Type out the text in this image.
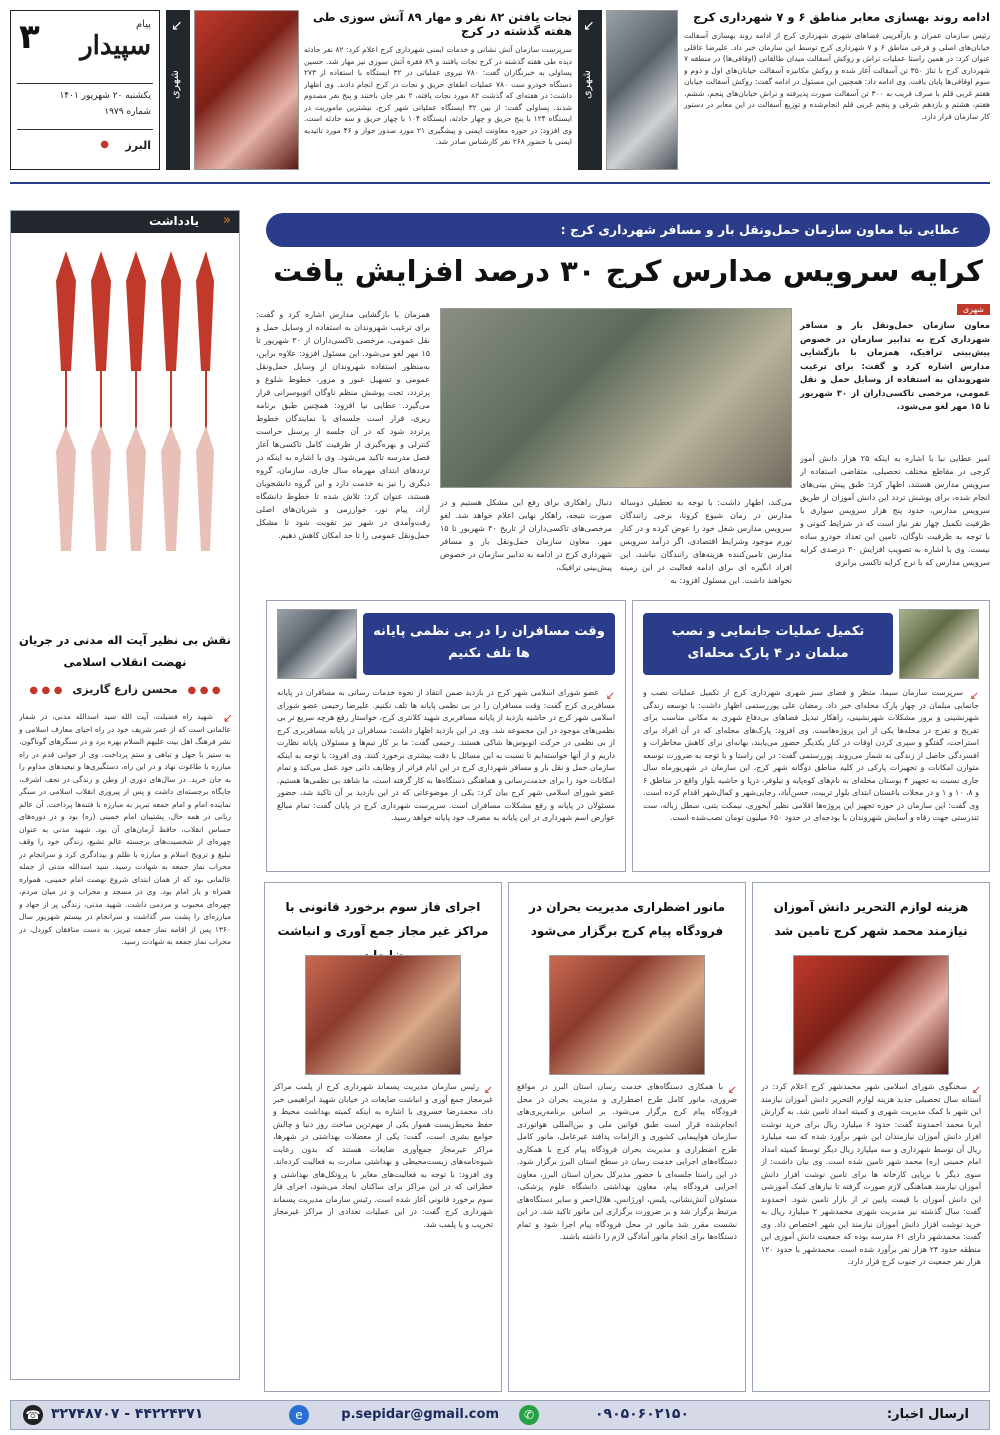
۳	پیام
سپیدار
یکشنبه ۲۰ شهریور ۱۴۰۱
شماره ۱۹۷۹
البرز
●
↙
شهری
نجات یافتن ۸۲ نفر و مهار ۸۹ آتش سوزی طی هفته گذشته در کرج
سرپرست سازمان آتش نشانی و خدمات ایمنی شهرداری کرج اعلام کرد: ۸۲ نفر حادثه دیده طی هفته گذشته در کرج نجات یافتند و ۸۹ فقره آتش سوزی نیز مهار شد. حسین پساولی به خبرنگاران گفت: ۷۸۰ نیروی عملیاتی در ۳۲ ایستگاه با استفاده از ۲۷۳ دستگاه خودرو ست ۷۸۰ عملیات اطفای حریق و نجات در کرج انجام دادند. وی اظهار داشت: در هفته‌ای که گذشت ۸۲ مورد نجات یافته، ۲ نفر جان باختند و پنج نفر مصدوم شدند. پساولی گفت: از بین ۳۲ ایستگاه عملیاتی شهر کرج، بیشترین ماموریت در ایستگاه ۱۲۴ با پنج حریق و چهار حادثه، ایستگاه ۱۰۴ با چهار حریق و سه حادثه است. وی افزود: در حوزه معاونت ایمنی و پیشگیری ۲۱ مورد صدور جواز و ۴۶ مورد تائیدیه ایمنی با حضور ۲۶۸ نفر کارشناس صادر شد.
↙
شهری
ادامه روند بهسازی معابر مناطق ۶ و ۷ شهرداری کرج
رئیس سازمان عمران و بازآفرینی فضاهای شهری شهرداری کرج از ادامه روند بهسازی آسفالت خیابان‌های اصلی و فرعی مناطق ۶ و ۷ شهرداری کرج توسط این سازمان خبر داد. علیرضا عاقلی عنوان کرد: در همین راستا عملیات تراش و روکش آسفالت میدان طالقانی (اوقافی‌ها) در منطقه ۷ شهرداری کرج با تناژ ۳۵۰ تن آسفالت آغاز شده و روکش مکانیزه آسفالت خیابان‌های اول و دوم و سوم اوقافی‌ها پایان یافت. وی ادامه داد: همچنین این مسئول در ادامه گفت: روکش آسفالت خیابان هفتم غربی قلم با صرف قریب به ۳۰۰ تن آسفالت صورت پذیرفته و تراش خیابان‌های پنجم، ششم، هفتم، هشتم و یازدهم شرقی و پنجم غربی قلم انجام‌شده و توزیع آسفالت در این معابر در دستور کار سازمان قرار دارد.
یادداشت «
نقش بی نظیر آیت اله مدنی در جریان نهضت انقلاب اسلامی
● ● ● محسن زارع گاریزی ● ● ●
↙
شهید راه فضیلت، آیت الله سید اسدالله مدنی، در شمار عالمانی است که از عمر شریف خود در راه احیای معارف اسلامی و نشر فرهنگ اهل بیت علیهم السلام بهره برد و در سنگرهای گوناگون، به ستیز با جهل و تباهی و ستم پرداخت. وی از جوانی قدم در راه مبارزه با طاغوت نهاد و در این راه، دستگیری‌ها و تبعیدهای مداوم را به جان خرید. در سال‌های دوری از وطن و زندگی در نجف اشرف، جایگاه برجسته‌ای داشت و پس از پیروزی انقلاب اسلامی در سنگر نماینده امام و امام جمعه تبریز به مبارزه با فتنه‌ها پرداخت. آن عالم ربانی در همه حال، پشتیبان امام خمینی (ره) بود و در دوره‌های حساس انقلاب، حافظ آرمان‌های آن بود. شهید مدنی به عنوان چهره‌ای از شخصیت‌های برجسته عالم تشیع، زندگی خود را وقف تبلیغ و ترویج اسلام و مبارزه با ظلم و بیدادگری کرد و سرانجام در محراب نماز جمعه به شهادت رسید. سید اسدالله مدنی از جمله عالمانی بود که از همان ابتدای شروع نهضت امام خمینی، همواره همراه و یار امام بود. وی در مسجد و محراب و در میان مردم، چهره‌ای محبوب و مردمی داشت. شهید مدنی، زندگی پر از جهاد و مبارزه‌ای را پشت سر گذاشت و سرانجام در بیستم شهریور سال ۱۳۶۰ پس از اقامه نماز جمعه تبریز، به دست منافقان کوردل، در محراب نماز جمعه به شهادت رسید.
عطایی نیا معاون سازمان حمل‌ونقل بار و مسافر شهرداری کرج :
کرایه سرویس مدارس کرج ۳۰ درصد افزایش یافت
شهری
معاون سازمان حمل‌ونقل بار و مسافر شهرداری کرج به تدابیر سازمان در خصوص پیش‌بینی ترافیک، همزمان با بازگشایی مدارس اشاره کرد و گفت: برای ترغیب شهروندان به استفاده از وسایل حمل و نقل عمومی، مرخصی تاکسی‌داران از ۳۰ شهریور تا ۱۵ مهر لغو می‌شود.
امیر عطایی نیا با اشاره به اینکه ۲۵ هزار دانش آموز کرجی در مقاطع مختلف تحصیلی، متقاضی استفاده از سرویس مدارس هستند، اظهار کرد: طبق پیش بینی‌های انجام شده، برای پوشش تردد این دانش آموزان از طریق سرویس مدارس، حدود پنج هزار سرویس سواری با ظرفیت تکمیل چهار نفر نیاز است که در شرایط کنونی و با توجه به ظرفیت ناوگان، تامین این تعداد خودرو ساده نیست. وی با اشاره به تصویب افزایش ۳۰ درصدی کرایه سرویس مدارس که با نرخ کرایه تاکسی برابری
می‌کند، اظهار داشت: با توجه به تعطیلی دوساله مدارس در زمان شیوع کرونا، برخی رانندگان سرویس مدارس شغل خود را عوض کرده و در کنار تورم موجود وشرایط اقتصادی، اگر درآمد سرویس مدارس تامین‌کننده هزینه‌های رانندگان نباشد، این افراد انگیزه ای برای ادامه فعالیت در این زمینه نخواهند داشت. این مسئول افزود: به
دنبال راهکاری برای رفع این مشکل هستیم و در صورت نتیجه، راهکار نهایی اعلام خواهد شد. لغو مرخصی‌های تاکسی‌داران از تاریخ ۳۰ شهریور تا ۱۵ مهر. معاون سازمان حمل‌ونقل بار و مسافر شهرداری کرج در ادامه به تدابیر سازمان در خصوص پیش‌بینی ترافیک،
همزمان با بازگشایی مدارس اشاره کرد و گفت: برای ترغیب شهروندان به استفاده از وسایل حمل و نقل عمومی، مرخصی تاکسی‌داران از ۳۰ شهریور تا ۱۵ مهر لغو می‌شود. این مسئول افزود: علاوه براین، به‌منظور استفاده شهروندان از وسایل حمل‌ونقل عمومی و تسهیل عبور و مرور، خطوط شلوغ و پرتردد، تحت پوشش منظم ناوگان اتوبوسرانی قرار می‌گیرد. عطایی نیا افزود: همچنین طبق برنامه ریزی، قرار است جلسه‌ای با نمایندگان خطوط پرتردد شود که در آن جلسه از پرسنل حراست کنترلی و بهره‌گیری از ظرفیت کامل تاکسی‌ها آغاز فصل مدرسه تاکید می‌شود. وی با اشاره به اینکه در ترددهای ابتدای مهرماه سال جاری، سازمان، گروه دیگری را نیز به خدمت دارد و این گروه دانشجویان هستند، عنوان کرد: تلاش شده تا خطوط دانشگاه آزاد، پیام نور، خوارزمی و شریان‌های اصلی رفت‌وآمدی در شهر نیز تقویت شود تا مشکل حمل‌ونقل عمومی را تا حد امکان کاهش دهیم.
تکمیل عملیات جانمایی و نصب مبلمان در ۴ پارک محله‌ای
↙
سرپرست سازمان سیما، منظر و فضای سبز شهری شهرداری کرج از تکمیل عملیات نصب و جانمایی مبلمان در چهار پارک محله‌ای خبر داد. رمضان علی پوررستمی اظهار داشت: با توسعه زندگی شهرنشینی و بروز مشکلات شهرنشینی، راهکار تبدیل فضاهای بی‌دفاع شهری به مکانی مناسب برای تفریح و تفرج در محله‌ها یکی از این پروژه‌هاست. وی افزود: پارک‌های محله‌ای که در آن افراد برای استراحت، گفتگو و سپری کردن اوقات در کنار یکدیگر حضور می‌یابند، بهانه‌ای برای کاهش مخاطرات و افسردگی حاصل از زندگی به شمار می‌روند. پوررستمی گفت: در این راستا و با توجه به ضرورت توسعه متوازن امکانات و تجهیزات پارکی در کلیه مناطق دوگانه شهر کرج، این سازمان در شهریورماه سال جاری نسبت به تجهیز ۴ بوستان محله‌ای به نام‌های کوه‌پایه و نیلوفر، دریا و حاشیه بلوار واقع در مناطق ۶ و ۸، ۱۰ و ۱ و در محلات باغستان ابتدای بلوار تربیت، حسن‌آباد، رجایی‌شهر و کمال‌شهر اقدام کرده است. وی گفت: این سازمان در حوزه تجهیز این پروژه‌ها اقلامی نظیر آبخوری، نیمکت بتنی، سطل زباله، ست تندرستی جهت رفاه و آسایش شهروندان با بودجه‌ای در حدود ۶۵۰ میلیون تومان نصب‌شده است.
وقت مسافران را در بی نظمی پایانه ها تلف نکنیم
↙
عضو شورای اسلامی شهر کرج در بازدید ضمن انتقاد از نحوه خدمات رسانی به مسافران در پایانه مسافربری کرج گفت: وقت مسافران را در بی نظمی پایانه ها تلف نکنیم. علیرضا رحیمی عضو شورای اسلامی شهر کرج در حاشیه بازدید از پایانه مسافربری شهید کلانتری کرج، خواستار رفع هرچه سریع تر بی نظمی‌های موجود در این مجموعه شد. وی در این بازدید اظهار داشت: مسافران در پایانه مسافربری کرج از بی نظمی در حرکت اتوبوس‌ها شاکی هستند. رحیمی گفت: ما بر کار تیم‌ها و مسئولان پایانه نظارت داریم و از آنها خواسته‌ایم تا نسبت به این مسائل با دقت بیشتری برخورد کنند. وی افزود: با توجه به اینکه سازمان حمل و نقل بار و مسافر شهرداری کرج در این ایام فراتر از وظایف ذاتی خود عمل می‌کند و تمام امکانات خود را برای خدمت‌رسانی و هماهنگی دستگاه‌ها به کار گرفته است، ما شاهد بی نظمی‌ها هستیم. عضو شورای اسلامی شهر کرج بیان کرد: یکی از موضوعاتی که در این بازدید بر آن تاکید شد، حضور مسئولان در پایانه و رفع مشکلات مسافران است. سرپرست شهرداری کرج در پایان گفت: تمام مبالغ عوارض اسم شهرداری در این پایانه به مصرف خود پایانه خواهد رسید.
هزینه لوازم التحریر دانش آموزان نیازمند محمد شهر کرج تامین شد
↙
سخنگوی شورای اسلامی شهر محمدشهر کرج اعلام کرد: در آستانه سال تحصیلی جدید هزینه لوازم التحریر دانش آموزان نیازمند این شهر با کمک مدیریت شهری و کمیته امداد تامین شد. به گزارش ایرنا محمد احمدوند گفت: حدود ۶ میلیارد ریال برای خرید نوشت افزار دانش آموزان نیازمندان این شهر برآورد شده که سه میلیارد ریال آن توسط شهرداری و سه میلیارد ریال دیگر توسط کمیته امداد امام خمینی (ره) محمد شهر تامین شده است. وی بیان داشت: از سوی دیگر با برپایی کارخانه ها برای تامین نوشت افزار دانش آموزان نیازمند هماهنگی لازم صورت گرفته تا نیازهای کمک آموزشی این دانش آموزان با قیمت پایین تر از بازار تامین شود. احمدوند گفت: سال گذشته نیز مدیریت شهری محمدشهر ۲ میلیارد ریال به خرید نوشت افزار دانش آموزان نیازمند این شهر اختصاص داد. وی گفت: محمدشهر دارای ۶۱ مدرسه بوده که جمعیت دانش آموزی این منطقه حدود ۲۴ هزار نفر برآورد شده است. محمدشهر با حدود ۱۲۰ هزار نفر جمعیت در جنوب کرج قرار دارد.
مانور اضطراری مدیریت بحران در فرودگاه پیام کرج برگزار می‌شود
↙
با همکاری دستگاه‌های خدمت رسان استان البرز در مواقع ضروری، مانور کامل طرح اضطراری و مدیریت بحران در محل فرودگاه پیام کرج برگزار می‌شود. بر اساس برنامه‌ریزی‌های انجام‌شده قرار است طبق قوانین ملی و بین‌المللی هوانوردی سازمان هواپیمایی کشوری و الزامات پدافند غیرعامل، مانور کامل طرح اضطراری و مدیریت بحران فرودگاه پیام کرج با همکاری دستگاه‌های اجرایی خدمت رسان در سطح استان البرز برگزار شود. در این راستا جلسه‌ای با حضور مدیرکل بحران استان البرز، معاون اجرایی فرودگاه پیام، معاون بهداشتی دانشگاه علوم پزشکی، مسئولان آتش‌نشانی، پلیس، اورژانس، هلال‌احمر و سایر دستگاه‌های مرتبط برگزار شد و بر ضرورت برگزاری این مانور تاکید شد. در این نشست مقرر شد مانور در محل فرودگاه پیام اجرا شود و تمام دستگاه‌ها برای انجام مانور آمادگی لازم را داشته باشند.
اجرای فاز سوم برخورد قانونی با مراکز غیر مجاز جمع آوری و انباشت
↙
رئیس سازمان مدیریت پسماند شهرداری کرج از پلمب مراکز غیرمجاز جمع آوری و انباشت ضایعات در خیابان شهید ابراهیمی خبر داد. محمدرضا خسروی با اشاره به اینکه کمیته بهداشت محیط و حفظ محیط‌زیست هموار یکی از مهم‌ترین مباحث روز دنیا و چالش جوامع بشری است، گفت: یکی از معضلات بهداشتی در شهرها، مراکز غیرمجاز جمع‌آوری ضایعات هستند که بدون رعایت شیوه‌نامه‌های زیست‌محیطی و بهداشتی مبادرت به فعالیت کرده‌اند. وی افزود: با توجه به فعالیت‌های مغایر با پروتکل‌های بهداشتی و خطراتی که در این مراکز برای ساکنان ایجاد می‌شود، اجرای فاز سوم برخورد قانونی آغاز شده است. رئیس سازمان مدیریت پسماند شهرداری کرج گفت: در این عملیات تعدادی از مراکز غیرمجاز تخریب و یا پلمب شد.
ارسال اخبار:
۰۹۰۵۰۶۰۲۱۵۰
✆
p.sepidar@gmail.com
e
۳۲۷۴۸۷۰۷ - ۴۴۲۲۴۳۷۱
☎
